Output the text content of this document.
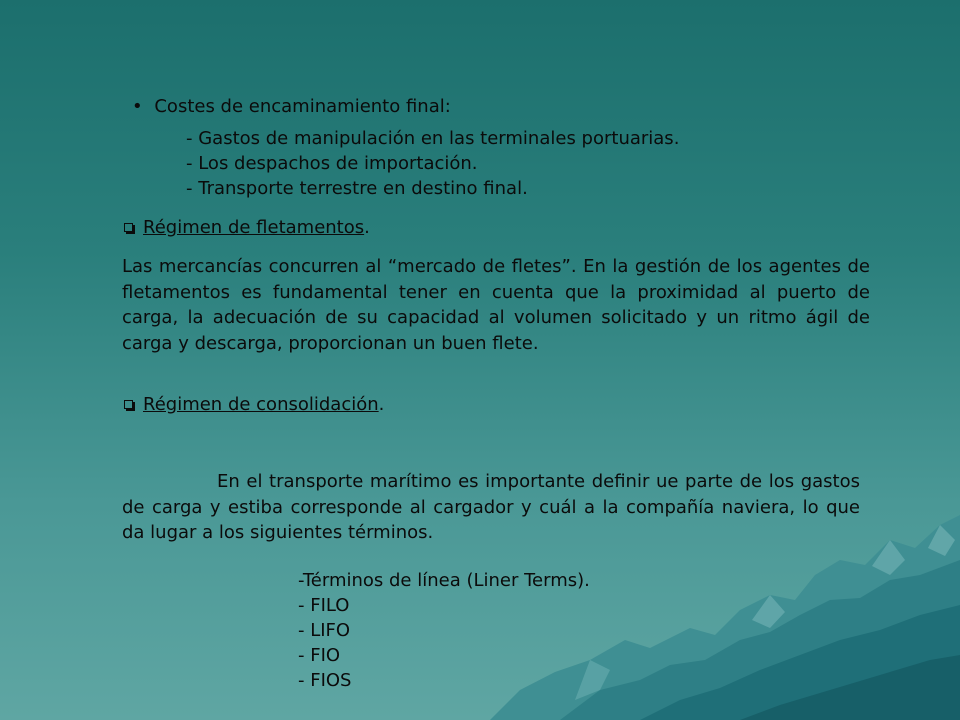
• Costes de encaminamiento final:
- Gastos de manipulación en las terminales portuarias.
- Los despachos de importación.
- Transporte terrestre en destino final.
Régimen de fletamentos.
Las mercancías concurren al “mercado de fletes”. En la gestión de los agentes de fletamentos es fundamental tener en cuenta que la proximidad al puerto de carga, la adecuación de su capacidad al volumen solicitado y un ritmo ágil de carga y descarga, proporcionan un buen flete.
Régimen de consolidación.
En el transporte marítimo es importante definir ue parte de los gastos de carga y estiba corresponde al cargador y cuál a la compañía naviera, lo que da lugar a los siguientes términos.
-Términos de línea (Liner Terms).
- FILO
- LIFO
- FIO
- FIOS
